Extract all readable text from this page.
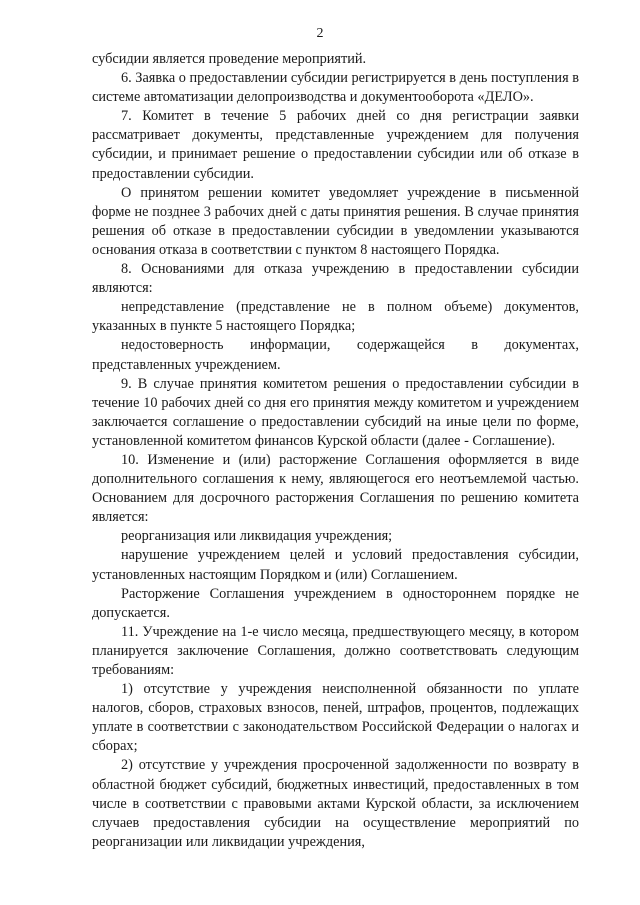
2

субсидии является проведение мероприятий.

6. Заявка о предоставлении субсидии регистрируется в день поступления в системе автоматизации делопроизводства и документооборота «ДЕЛО».

7. Комитет в течение 5 рабочих дней со дня регистрации заявки рассматривает документы, представленные учреждением для получения субсидии, и принимает решение о предоставлении субсидии или об отказе в предоставлении субсидии.

О принятом решении комитет уведомляет учреждение в письменной форме не позднее 3 рабочих дней с даты принятия решения. В случае принятия решения об отказе в предоставлении субсидии в уведомлении указываются основания отказа в соответствии с пунктом 8 настоящего Порядка.

8. Основаниями для отказа учреждению в предоставлении субсидии являются:

непредставление (представление не в полном объеме) документов, указанных в пункте 5 настоящего Порядка;

недостоверность информации, содержащейся в документах, представленных учреждением.

9. В случае принятия комитетом решения о предоставлении субсидии в течение 10 рабочих дней со дня его принятия между комитетом и учреждением заключается соглашение о предоставлении субсидий на иные цели по форме, установленной комитетом финансов Курской области (далее - Соглашение).

10. Изменение и (или) расторжение Соглашения оформляется в виде дополнительного соглашения к нему, являющегося его неотъемлемой частью. Основанием для досрочного расторжения Соглашения по решению комитета является:

реорганизация или ликвидация учреждения;

нарушение учреждением целей и условий предоставления субсидии, установленных настоящим Порядком и (или) Соглашением.

Расторжение Соглашения учреждением в одностороннем порядке не допускается.

11. Учреждение на 1-е число месяца, предшествующего месяцу, в котором планируется заключение Соглашения, должно соответствовать следующим требованиям:

1) отсутствие у учреждения неисполненной обязанности по уплате налогов, сборов, страховых взносов, пеней, штрафов, процентов, подлежащих уплате в соответствии с законодательством Российской Федерации о налогах и сборах;

2) отсутствие у учреждения просроченной задолженности по возврату в областной бюджет субсидий, бюджетных инвестиций, предоставленных в том числе в соответствии с правовыми актами Курской области, за исключением случаев предоставления субсидии на осуществление мероприятий по реорганизации или ликвидации учреждения,
